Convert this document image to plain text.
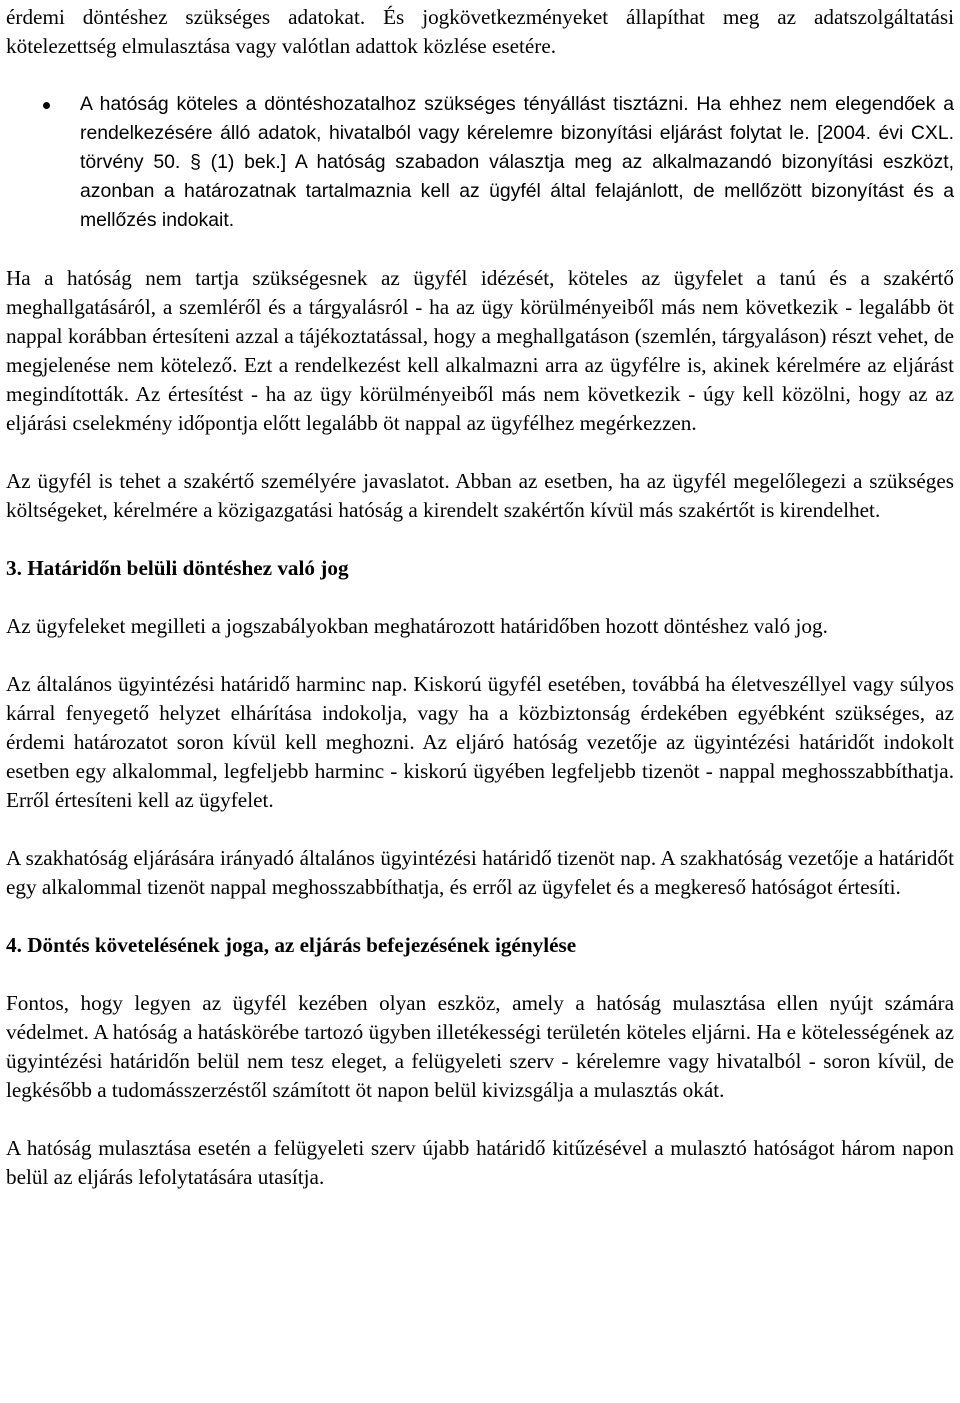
érdemi döntéshez szükséges adatokat. És jogkövetkezményeket állapíthat meg az adatszolgáltatási kötelezettség elmulasztása vagy valótlan adattok közlése esetére.

A hatóság köteles a döntéshozatalhoz szükséges tényállást tisztázni. Ha ehhez nem elegendőek a rendelkezésére álló adatok, hivatalból vagy kérelemre bizonyítási eljárást folytat le. [2004. évi CXL. törvény 50. § (1) bek.] A hatóság szabadon választja meg az alkalmazandó bizonyítási eszközt, azonban a határozatnak tartalmaznia kell az ügyfél által felajánlott, de mellőzött bizonyítást és a mellőzés indokait.

Ha a hatóság nem tartja szükségesnek az ügyfél idézését, köteles az ügyfelet a tanú és a szakértő meghallgatásáról, a szemléről és a tárgyalásról - ha az ügy körülményeiből más nem következik - legalább öt nappal korábban értesíteni azzal a tájékoztatással, hogy a meghallgatáson (szemlén, tárgyaláson) részt vehet, de megjelenése nem kötelező. Ezt a rendelkezést kell alkalmazni arra az ügyfélre is, akinek kérelmére az eljárást megindították. Az értesítést - ha az ügy körülményeiből más nem következik - úgy kell közölni, hogy az az eljárási cselekmény időpontja előtt legalább öt nappal az ügyfélhez megérkezzen.

Az ügyfél is tehet a szakértő személyére javaslatot. Abban az esetben, ha az ügyfél megelőlegezi a szükséges költségeket, kérelmére a közigazgatási hatóság a kirendelt szakértőn kívül más szakértőt is kirendelhet.

3. Határidőn belüli döntéshez való jog

Az ügyfeleket megilleti a jogszabályokban meghatározott határidőben hozott döntéshez való jog.

Az általános ügyintézési határidő harminc nap. Kiskorú ügyfél esetében, továbbá ha életveszéllyel vagy súlyos kárral fenyegető helyzet elhárítása indokolja, vagy ha a közbiztonság érdekében egyébként szükséges, az érdemi határozatot soron kívül kell meghozni. Az eljáró hatóság vezetője az ügyintézési határidőt indokolt esetben egy alkalommal, legfeljebb harminc - kiskorú ügyében legfeljebb tizenöt - nappal meghosszabbíthatja. Erről értesíteni kell az ügyfelet.

A szakhatóság eljárására irányadó általános ügyintézési határidő tizenöt nap. A szakhatóság vezetője a határidőt egy alkalommal tizenöt nappal meghosszabbíthatja, és erről az ügyfelet és a megkereső hatóságot értesíti.

4. Döntés követelésének joga, az eljárás befejezésének igénylése

Fontos, hogy legyen az ügyfél kezében olyan eszköz, amely a hatóság mulasztása ellen nyújt számára védelmet. A hatóság a hatáskörébe tartozó ügyben illetékességi területén köteles eljárni. Ha e kötelességének az ügyintézési határidőn belül nem tesz eleget, a felügyeleti szerv - kérelemre vagy hivatalból - soron kívül, de legkésőbb a tudomásszerzéstől számított öt napon belül kivizsgálja a mulasztás okát.

A hatóság mulasztása esetén a felügyeleti szerv újabb határidő kitűzésével a mulasztó hatóságot három napon belül az eljárás lefolytatására utasítja.
